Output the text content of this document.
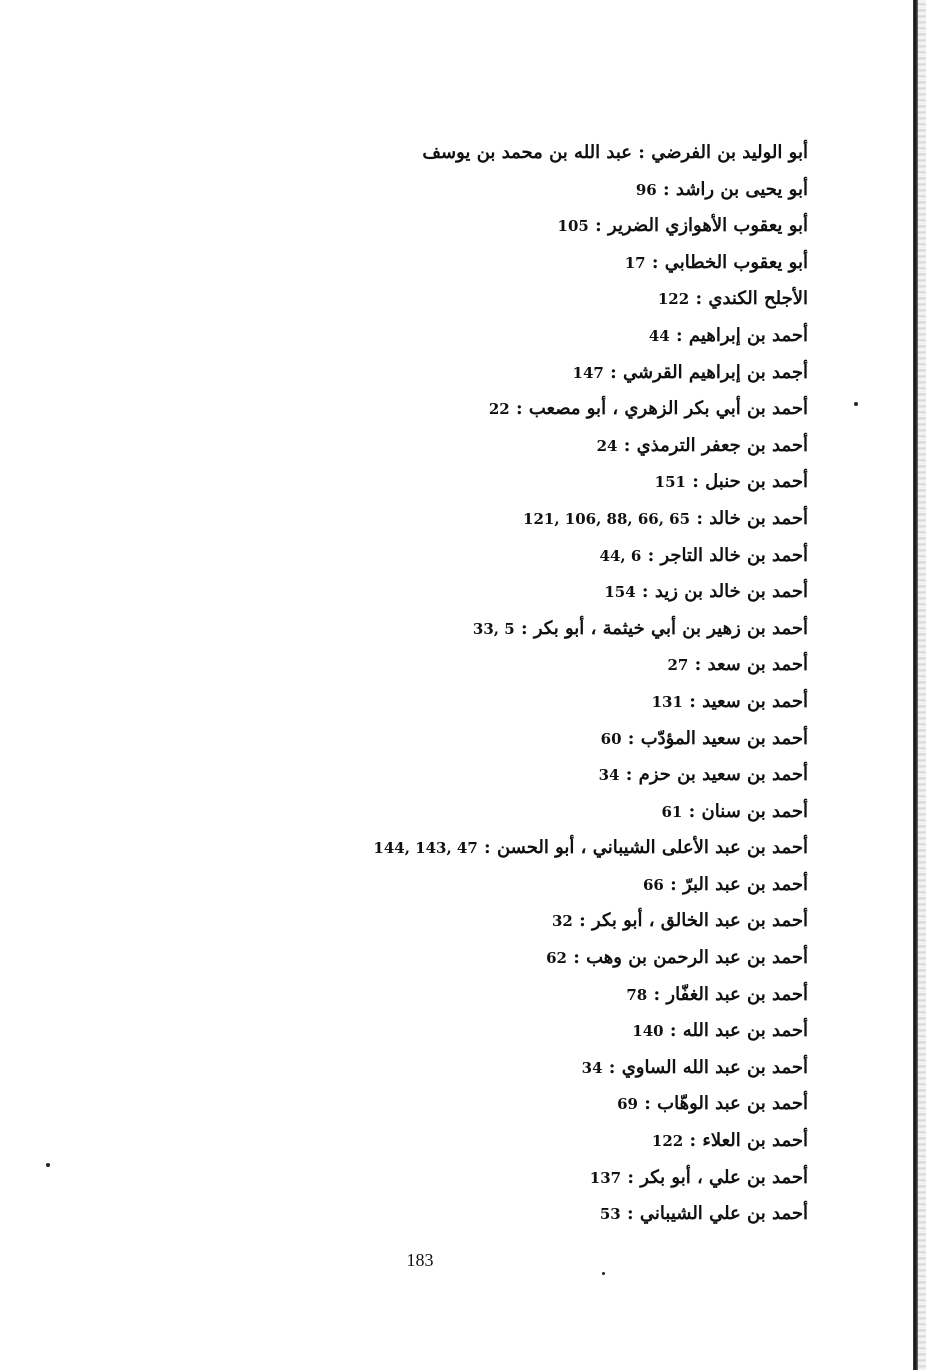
أبو الوليد بن الفرضي : عبد الله بن محمد بن يوسف
أبو يحيى بن راشد : 96
أبو يعقوب الأهوازي الضرير : 105
أبو يعقوب الخطابي : 17
الأجلح الكندي : 122
أحمد بن إبراهيم : 44
أجمد بن إبراهيم القرشي : 147
أحمد بن أبي بكر الزهري ، أبو مصعب : 22
أحمد بن جعفر الترمذي : 24
أحمد بن حنبل : 151
أحمد بن خالد : 121, 106, 88, 66, 65
أحمد بن خالد التاجر : 44, 6
أحمد بن خالد بن زيد : 154
أحمد بن زهير بن أبي خيثمة ، أبو بكر : 33, 5
أحمد بن سعد : 27
أحمد بن سعيد : 131
أحمد بن سعيد المؤدّب : 60
أحمد بن سعيد بن حزم : 34
أحمد بن سنان : 61
أحمد بن عبد الأعلى الشيباني ، أبو الحسن : 144, 143, 47
أحمد بن عبد البرّ : 66
أحمد بن عبد الخالق ، أبو بكر : 32
أحمد بن عبد الرحمن بن وهب : 62
أحمد بن عبد الغفّار : 78
أحمد بن عبد الله : 140
أحمد بن عبد الله الساوي : 34
أحمد بن عبد الوهّاب : 69
أحمد بن العلاء : 122
أحمد بن علي ، أبو بكر : 137
أحمد بن علي الشيباني : 53
183
